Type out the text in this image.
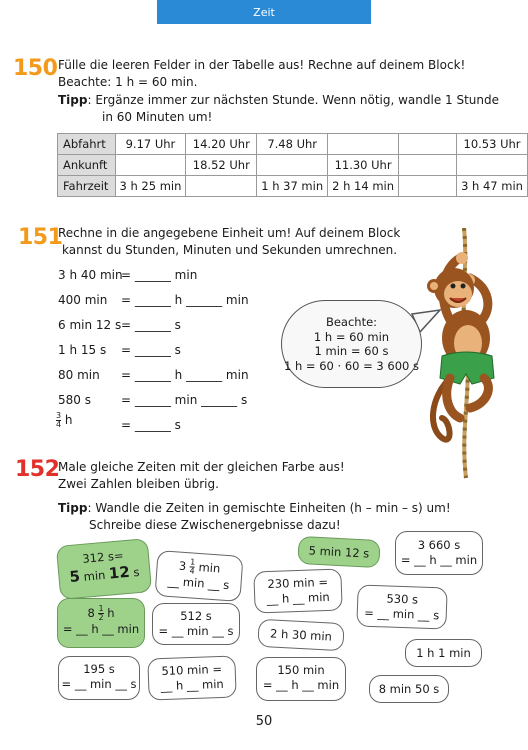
Zeit
150 Fülle die leeren Felder in der Tabelle aus! Rechne auf deinem Block!
Beachte: 1 h = 60 min.
Tipp: Ergänze immer zur nächsten Stunde. Wenn nötig, wandle 1 Stunde
in 60 Minuten um!
Abfahrt	9.17 Uhr	14.20 Uhr	7.48 Uhr			10.53 Uhr
Ankunft		18.52 Uhr		11.30 Uhr		
Fahrzeit	3 h 25 min		1 h 37 min	2 h 14 min		3 h 47 min
151
Rechne in die angegebene Einheit um! Auf deinem Block
kannst du Stunden, Minuten und Sekunden umrechnen.
3 h 40 min
= ______ min
400 min = ______ h ______ min
6 min 12 s = ______ s
1 h 15 s = ______ s
80 min = ______ h ______ min
580 s	= ______ min ______ s
$\frac{3}{4}$ h	= ______ s
Beachte:
1 h = 60 min
1 min = 60 s
1 h = 60 · 60 = 3 600 s
152
Male gleiche Zeiten mit der gleichen Farbe aus!
Zwei Zahlen bleiben übrig.
Tipp: Wandle die Zeiten in gemischte Einheiten (h – min – s) um!
Schreibe diese Zwischenergebnisse dazu!
312 s=
5 min 12 s	$3 \frac{1}{4}$ min
__ min __ s
5 min 12 s	3 660 s
= __ h __ min
230 min =
__ h __ min
$8 \frac{1}{2}$ h
= __ h __ min
512 s
= __ min __ s
530 s
= __ min __ s
2 h 30 min
1 h 1 min
195 s
= __ min __ s
510 min =
__ h __ min
150 min
= __ h __ min	8 min 50 s
50
